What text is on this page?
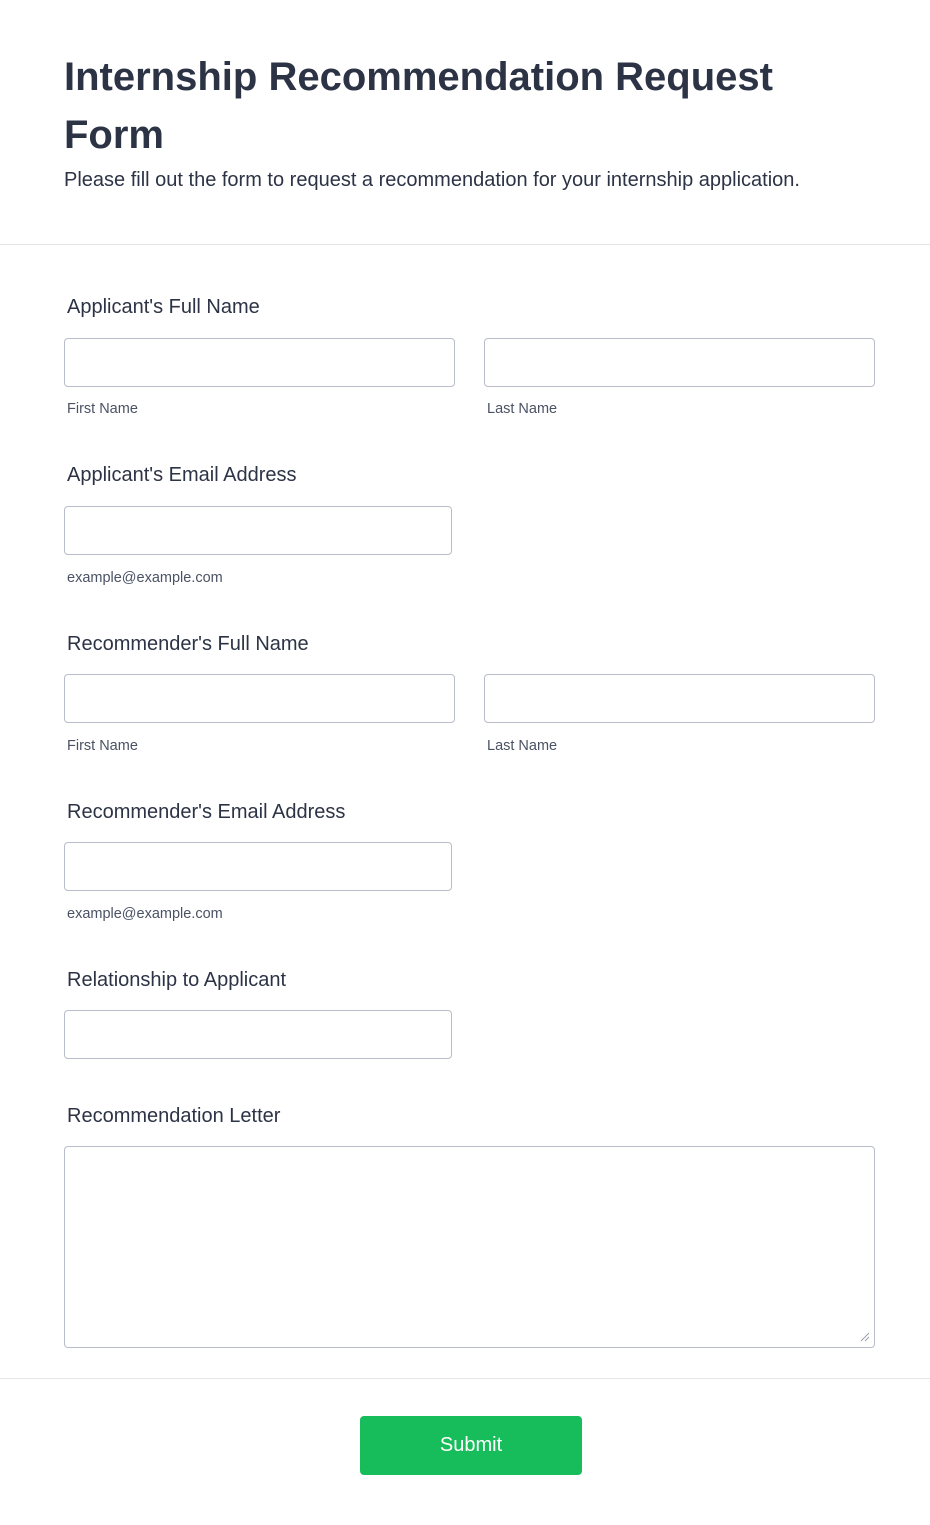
Internship Recommendation Request Form

Please fill out the form to request a recommendation for your internship application.

Applicant's Full Name
First Name	Last Name
Applicant's Email Address
example@example.com
Recommender's Full Name
First Name	Last Name
Recommender's Email Address
example@example.com
Relationship to Applicant
Recommendation Letter
Submit
